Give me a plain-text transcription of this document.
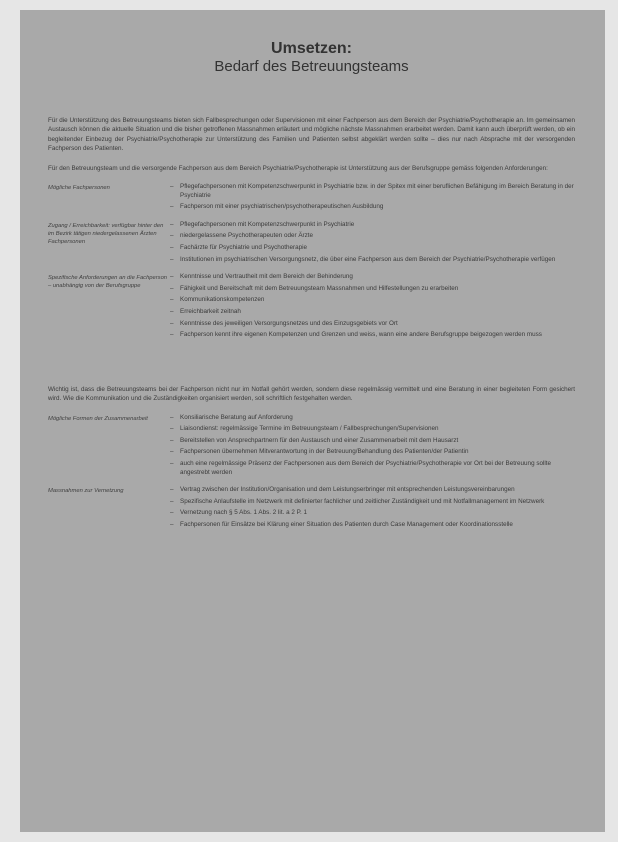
Umsetzen:
Bedarf des Betreuungsteams

Für die Unterstützung des Betreuungsteams bieten sich Fallbesprechungen oder Supervisionen mit einer Fachperson aus dem Bereich der Psychiatrie/Psychotherapie an. Im gemeinsamen Austausch können die aktuelle Situation und die bisher getroffenen Massnahmen erläutert und mögliche nächste Massnahmen erarbeitet werden. Damit kann auch überprüft werden, ob ein begleitender Einbezug der Psychiatrie/Psychotherapie zur Unterstützung des Familien und Patienten selbst abgeklärt werden sollte – dies nur nach Absprache mit der versorgenden Fachperson des Patienten.

Für den Betreuungsteam und die versorgende Fachperson aus dem Bereich Psychiatrie/Psychotherapie ist Unterstützung aus der Berufsgruppe gemäss folgenden Anforderungen:

Mögliche Fachpersonen	– Pflegefachpersonen mit Kompetenzschwerpunkt in Psychiatrie bzw. in der Spitex mit einer beruflichen Befähigung im Bereich Beratung in der Psychiatrie
– Fachperson mit einer psychiatrischen/psychotherapeutischen Ausbildung
Zugang / Erreichbarkeit: verfügbar hinter den im Bezirk tätigen niedergelassenen Ärzten Fachpersonen
– Pflegefachpersonen mit Kompetenzschwerpunkt in Psychiatrie
– niedergelassene Psychotherapeuten oder Ärzte
– Fachärzte für Psychiatrie und Psychotherapie
– Institutionen im psychiatrischen Versorgungsnetz, die über eine Fachperson aus dem Bereich der Psychiatrie/Psychotherapie verfügen
Spezifische Anforderungen an die Fachperson – unabhängig von der Berufsgruppe
– Kenntnisse und Vertrautheit mit dem Bereich der Behinderung
– Fähigkeit und Bereitschaft mit dem Betreuungsteam Massnahmen und Hilfestellungen zu erarbeiten
– Kommunikationskompetenzen
– Erreichbarkeit zeitnah
– Kenntnisse des jeweiligen Versorgungsnetzes und des Einzugsgebiets vor Ort
– Fachperson kennt ihre eigenen Kompetenzen und Grenzen und weiss, wann eine andere Berufsgruppe beigezogen werden muss

Wichtig ist, dass die Betreuungsteams bei der Fachperson nicht nur im Notfall gehört werden, sondern diese regelmässig vermittelt und eine Beratung in einer begleiteten Form gesichert wird. Wie die Kommunikation und die Zuständigkeiten organisiert werden, soll schriftlich festgehalten werden.

Mögliche Formen der Zusammenarbeit	– Konsiliarische Beratung auf Anforderung
– Liaisondienst: regelmässige Termine im Betreuungsteam / Fallbesprechungen/Supervisionen
– Bereitstellen von Ansprechpartnern für den Austausch und einer Zusammenarbeit mit dem Hausarzt
– Fachpersonen übernehmen Mitverantwortung in der Betreuung/Behandlung des Patienten/der Patientin
– auch eine regelmässige Präsenz der Fachpersonen aus dem Bereich der Psychiatrie/Psychotherapie vor Ort bei der Betreuung sollte angestrebt werden
Massnahmen zur Vernetzung	– Vertrag zwischen der Institution/Organisation und dem Leistungserbringer mit entsprechenden Leistungsvereinbarungen
– Spezifische Anlaufstelle im Netzwerk mit definierter fachlicher und zeitlicher Zuständigkeit und mit Notfallmanagement im Netzwerk
– Vernetzung nach § 5 Abs. 1 Abs. 2 lit. a 2 P. 1
– Fachpersonen für Einsätze bei Klärung einer Situation des Patienten durch Case Management oder Koordinationsstelle
